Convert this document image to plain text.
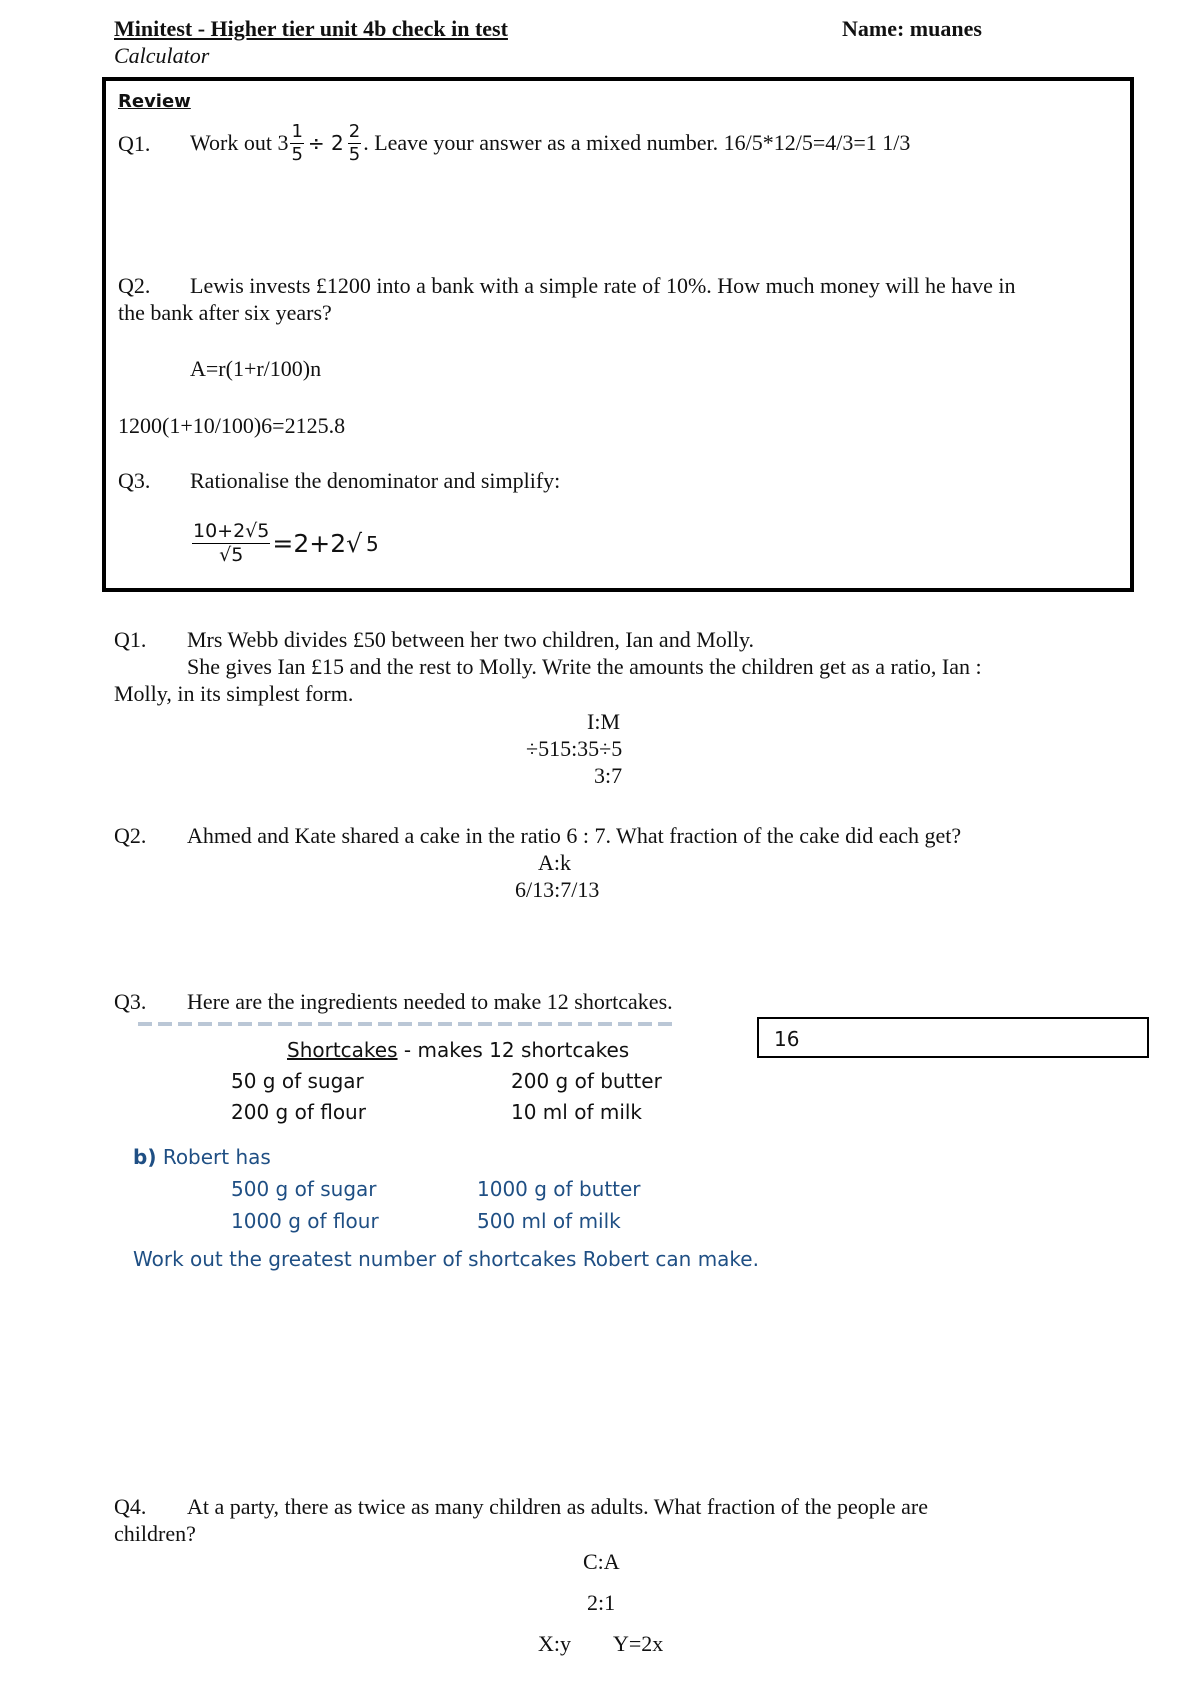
Minitest - Higher tier unit 4b check in test
Calculator
Name: muanes
Review
Q1. Work out $3 \frac{1}{5} \div 2 \frac{2}{5}$ . Leave your answer as a mixed number. 16/5*12/5=4/3=1 1/3
Q2. Lewis invests £1200 into a bank with a simple rate of 10%. How much money will he have in
the bank after six years?
A=r(1+r/100)n
1200(1+10/100)6=2125.8
Q3. Rationalise the denominator and simplify:
$\frac{10+2√5}{√5} =2+2√$ 5
Q1. Mrs Webb divides £50 between her two children, Ian and Molly.
She gives Ian £15 and the rest to Molly. Write the amounts the children get as a ratio, Ian :
Molly, in its simplest form.
I:M
÷515:35÷5
3:7
Q2. Ahmed and Kate shared a cake in the ratio 6 : 7. What fraction of the cake did each get?
A:k
6/13:7/13
Q3. Here are the ingredients needed to make 12 shortcakes.
16
Shortcakes - makes 12 shortcakes
50 g of sugar	200 g of butter
200 g of flour	10 ml of milk
b) Robert has
500 g of sugar	1000 g of butter
1000 g of flour	500 ml of milk
Work out the greatest number of shortcakes Robert can make.
Q4. At a party, there as twice as many children as adults. What fraction of the people are
children?
C:A
2:1
X:y Y=2x
